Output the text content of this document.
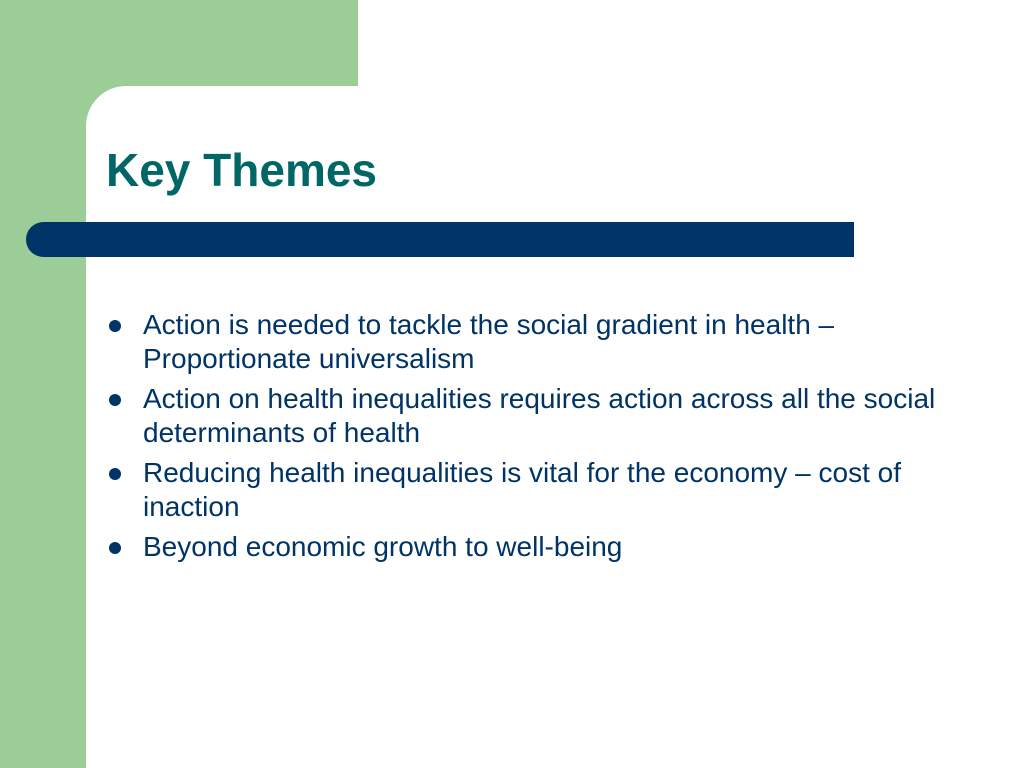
Key Themes
Action is needed to tackle the social gradient in health – Proportionate universalism
Action on health inequalities requires action across all the social determinants of health
Reducing health inequalities is vital for the economy – cost of inaction
Beyond economic growth to well-being
